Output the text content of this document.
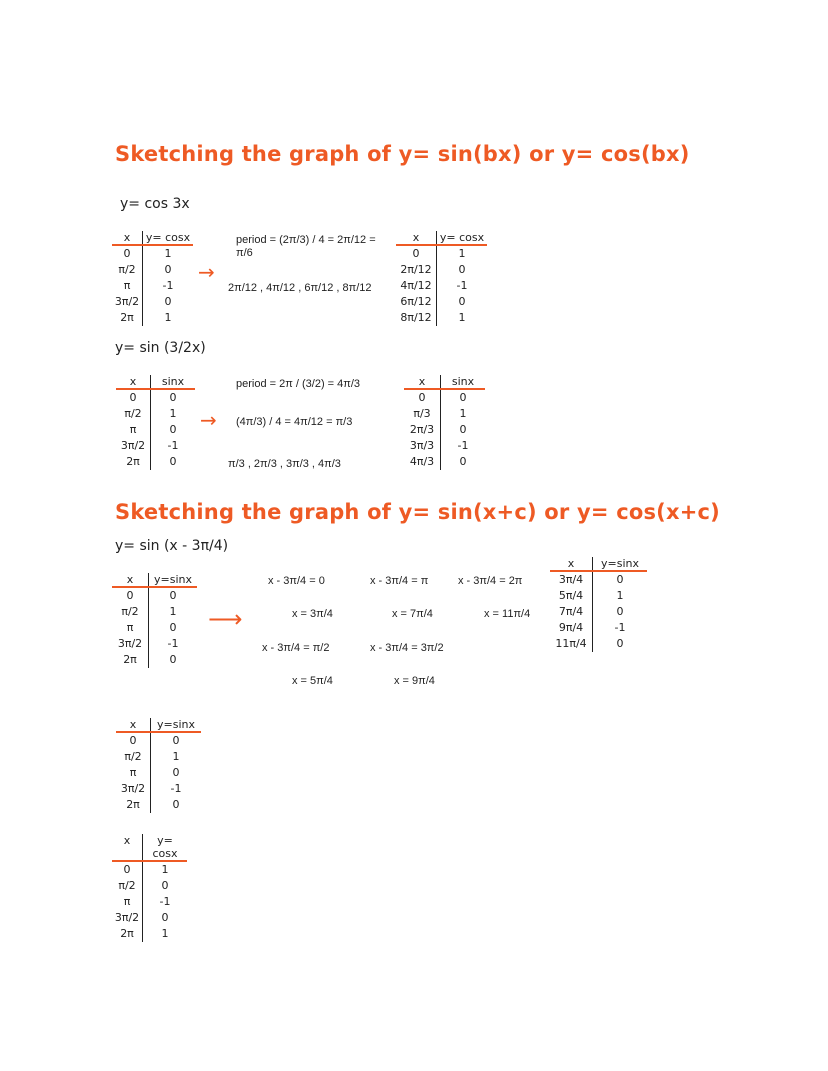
Sketching the graph of y= sin(bx) or y= cos(bx)
y= cos 3x
x	y= cosx
0	1
π/2	0
π	-1
3π/2	0
2π	1
→
period = (2π/3) / 4 = 2π/12 = π/6
2π/12 , 4π/12 , 6π/12 , 8π/12
x	y= cosx
0	1
2π/12	0
4π/12	-1
6π/12	0
8π/12	1
y= sin (3/2x)
x	sinx
0	0
π/2	1
π	0
3π/2	-1
2π	0
→
period = 2π / (3/2) = 4π/3
(4π/3) / 4 = 4π/12 = π/3
π/3 , 2π/3 , 3π/3 , 4π/3
x	sinx
0	0
π/3	1
2π/3	0
3π/3	-1
4π/3	0
Sketching the graph of y= sin(x+c) or y= cos(x+c)
y= sin (x - 3π/4)
x	y=sinx
0	0
π/2	1
π	0
3π/2	-1
2π	0
⟶
x - 3π/4 = 0	x - 3π/4 = π	x - 3π/4 = 2π
x = 3π/4	x = 7π/4	x = 11π/4
x - 3π/4 = π/2	x - 3π/4 = 3π/2
x = 5π/4	x = 9π/4
x	y=sinx
3π/4	0
5π/4	1
7π/4	0
9π/4	-1
11π/4	0
x	y=sinx
0	0
π/2	1
π	0
3π/2	-1
2π	0
x	y= cosx
0	1
π/2	0
π	-1
3π/2	0
2π	1
